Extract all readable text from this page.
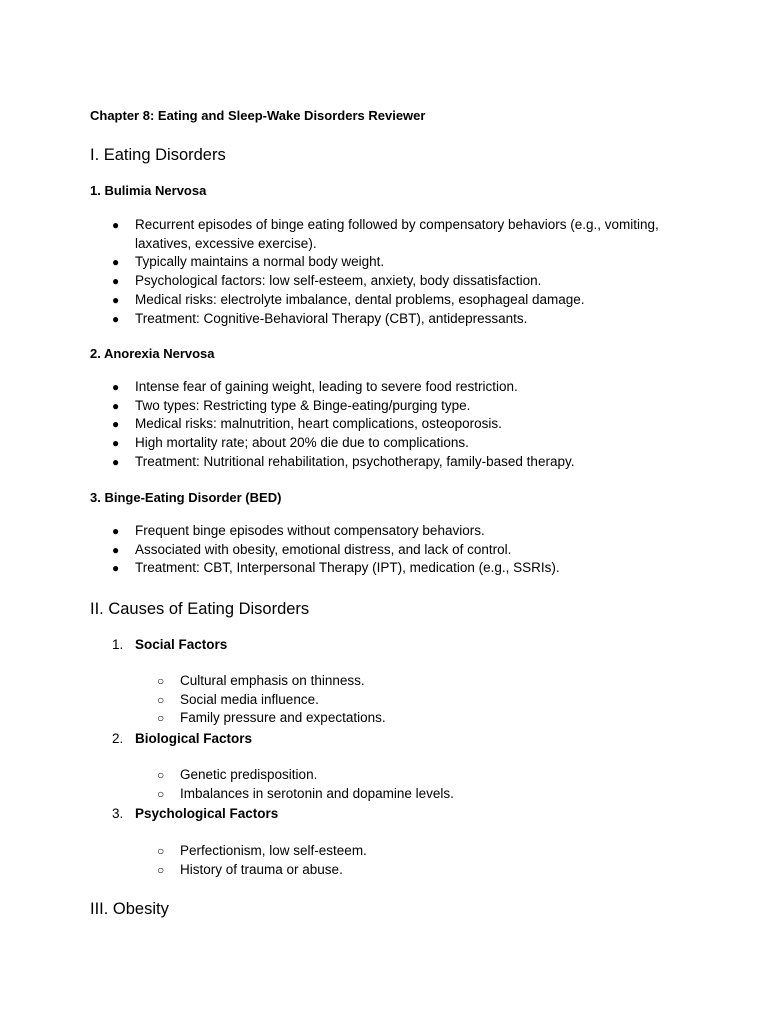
Chapter 8: Eating and Sleep-Wake Disorders Reviewer
I. Eating Disorders
1. Bulimia Nervosa
● Recurrent episodes of binge eating followed by compensatory behaviors (e.g., vomiting, laxatives, excessive exercise).
● Typically maintains a normal body weight.
● Psychological factors: low self-esteem, anxiety, body dissatisfaction.
● Medical risks: electrolyte imbalance, dental problems, esophageal damage.
● Treatment: Cognitive-Behavioral Therapy (CBT), antidepressants.
2. Anorexia Nervosa
● Intense fear of gaining weight, leading to severe food restriction.
● Two types: Restricting type & Binge-eating/purging type.
● Medical risks: malnutrition, heart complications, osteoporosis.
● High mortality rate; about 20% die due to complications.
● Treatment: Nutritional rehabilitation, psychotherapy, family-based therapy.
3. Binge-Eating Disorder (BED)
● Frequent binge episodes without compensatory behaviors.
● Associated with obesity, emotional distress, and lack of control.
● Treatment: CBT, Interpersonal Therapy (IPT), medication (e.g., SSRIs).
II. Causes of Eating Disorders
1. Social Factors
○ Cultural emphasis on thinness.
○ Social media influence.
○ Family pressure and expectations.
2. Biological Factors
○ Genetic predisposition.
○ Imbalances in serotonin and dopamine levels.
3. Psychological Factors
○ Perfectionism, low self-esteem.
○ History of trauma or abuse.
III. Obesity
